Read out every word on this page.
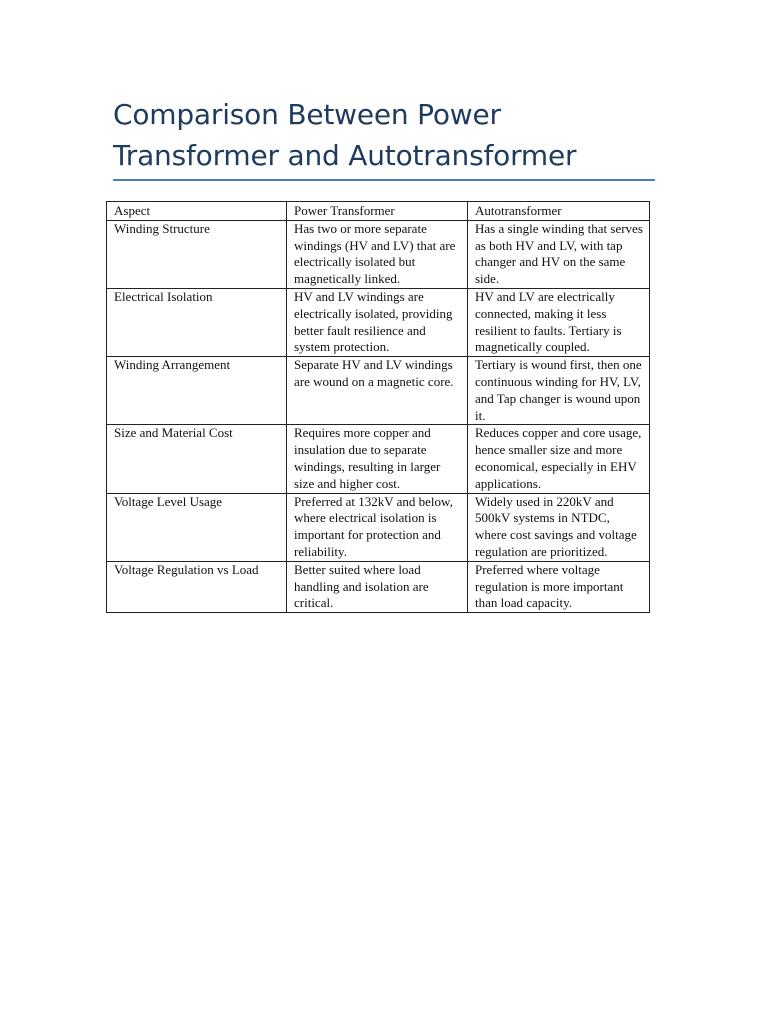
Comparison Between Power Transformer and Autotransformer
Aspect	Power Transformer	Autotransformer
Winding Structure	Has two or more separate windings (HV and LV) that are electrically isolated but magnetically linked.	Has a single winding that serves as both HV and LV, with tap changer and HV on the same side.
Electrical Isolation	HV and LV windings are electrically isolated, providing better fault resilience and system protection.	HV and LV are electrically connected, making it less resilient to faults. Tertiary is magnetically coupled.
Winding Arrangement	Separate HV and LV windings are wound on a magnetic core.	Tertiary is wound first, then one continuous winding for HV, LV, and Tap changer is wound upon it.
Size and Material Cost	Requires more copper and insulation due to separate windings, resulting in larger size and higher cost.	Reduces copper and core usage, hence smaller size and more economical, especially in EHV applications.
Voltage Level Usage	Preferred at 132kV and below, where electrical isolation is important for protection and reliability.	Widely used in 220kV and 500kV systems in NTDC, where cost savings and voltage regulation are prioritized.
Voltage Regulation vs Load	Better suited where load handling and isolation are critical.	Preferred where voltage regulation is more important than load capacity.
